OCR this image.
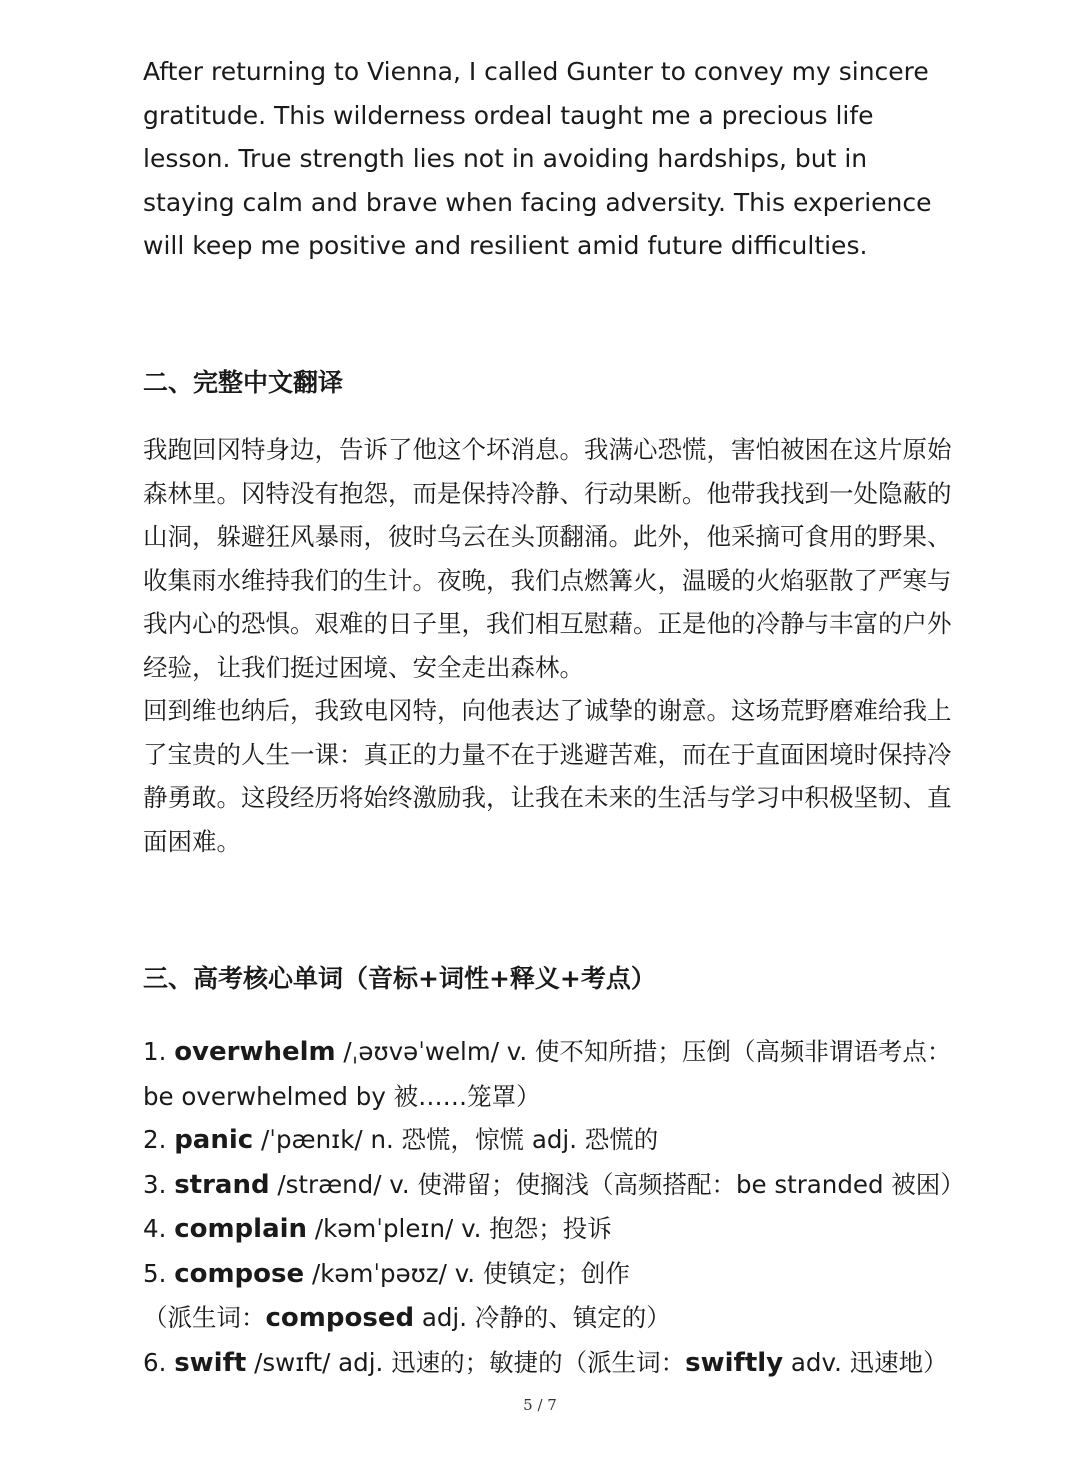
After returning to Vienna, I called Gunter to convey my sincere gratitude. This wilderness ordeal taught me a precious life lesson. True strength lies not in avoiding hardships, but in staying calm and brave when facing adversity. This experience will keep me positive and resilient amid future difficulties.
二、完整中文翻译

我跑回冈特身边，告诉了他这个坏消息。我满心恐慌，害怕被困在这片原始森林里。冈特没有抱怨，而是保持冷静、行动果断。他带我找到一处隐蔽的山洞，躲避狂风暴雨，彼时乌云在头顶翻涌。此外，他采摘可食用的野果、收集雨水维持我们的生计。夜晚，我们点燃篝火，温暖的火焰驱散了严寒与我内心的恐惧。艰难的日子里，我们相互慰藉。正是他的冷静与丰富的户外经验，让我们挺过困境、安全走出森林。

回到维也纳后，我致电冈特，向他表达了诚挚的谢意。这场荒野磨难给我上了宝贵的人生一课：真正的力量不在于逃避苦难，而在于直面困境时保持冷静勇敢。这段经历将始终激励我，让我在未来的生活与学习中积极坚韧、直面困难。

三、高考核心单词（音标+词性+释义+考点）
1. overwhelm /ˌəʊvəˈwelm/ v. 使不知所措；压倒（高频非谓语考点：
be overwhelmed by 被……笼罩）
2. panic /ˈpænɪk/ n. 恐慌，惊慌 adj. 恐慌的
3. strand /strænd/ v. 使滞留；使搁浅（高频搭配：be stranded 被困）
4. complain /kəmˈpleɪn/ v. 抱怨；投诉
5. compose /kəmˈpəʊz/ v. 使镇定；创作
（派生词：composed adj. 冷静的、镇定的）
6. swift /swɪft/ adj. 迅速的；敏捷的（派生词：swiftly adv. 迅速地）
5 / 7
